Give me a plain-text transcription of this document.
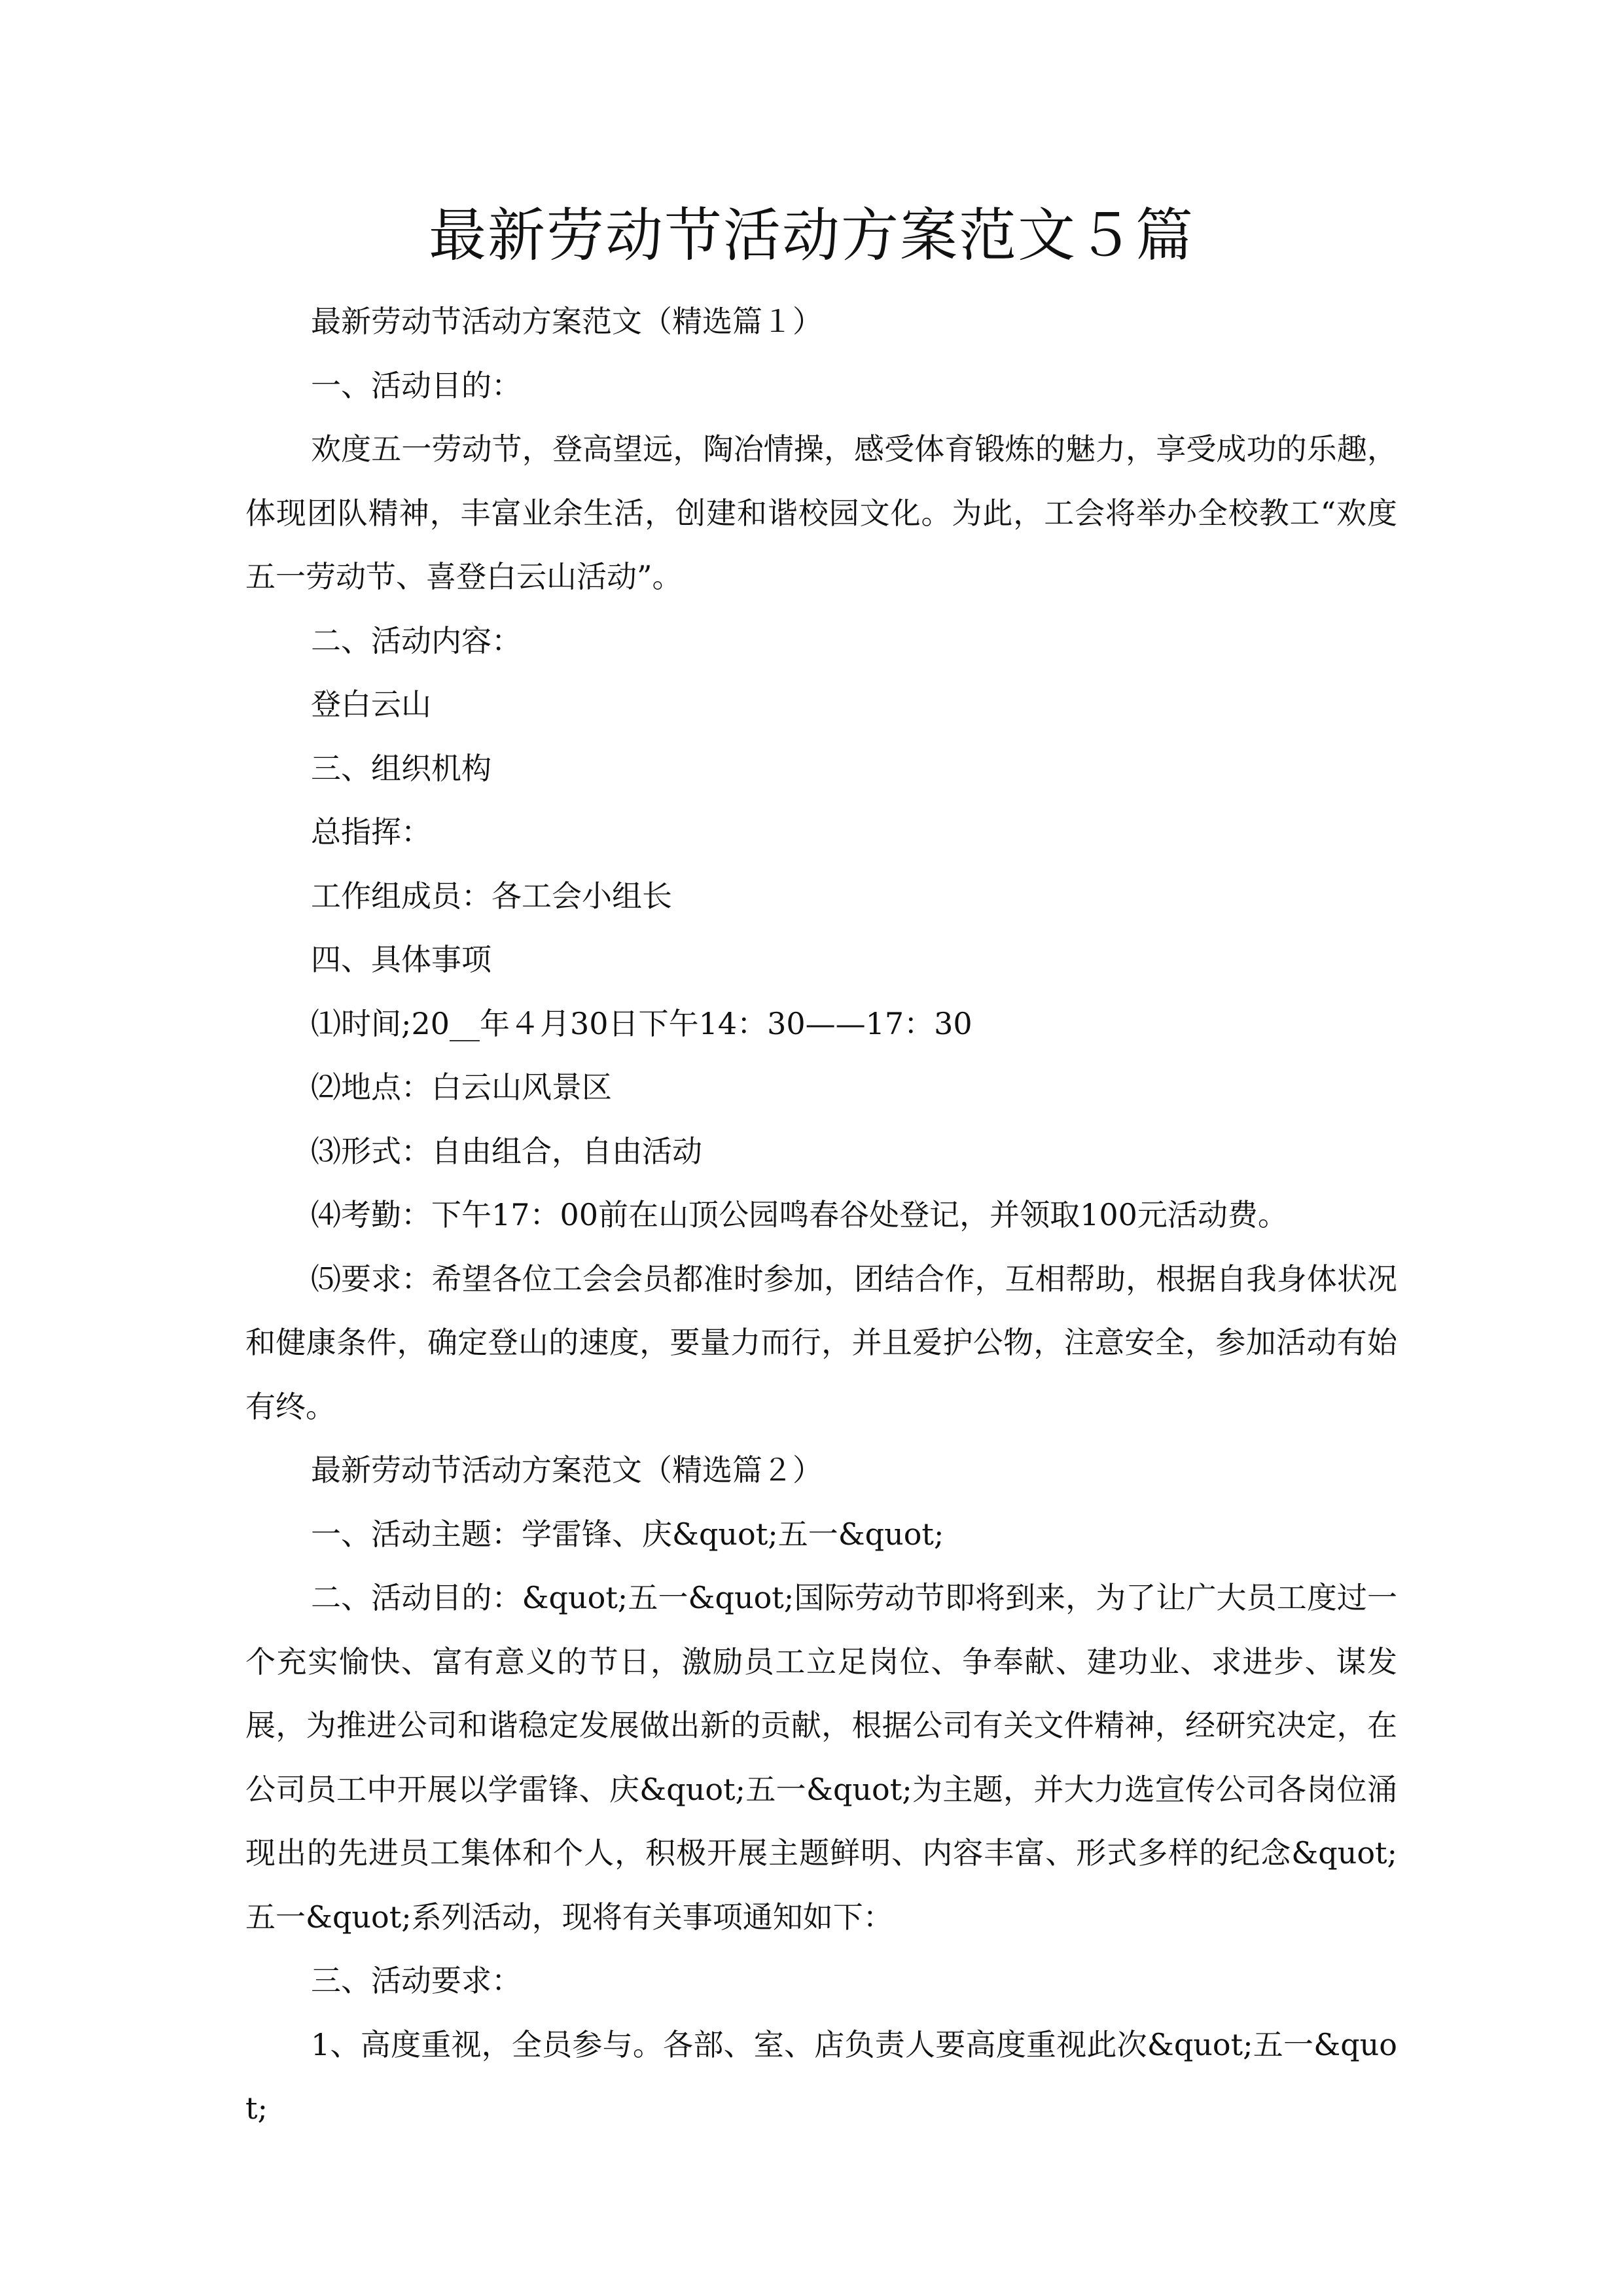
最新劳动节活动方案范文５篇

最新劳动节活动方案范文（精选篇１）

一、活动目的：

欢度五一劳动节，登高望远，陶冶情操，感受体育锻炼的魅力，享受成功的乐趣，体现团队精神，丰富业余生活，创建和谐校园文化。为此，工会将举办全校教工“欢度五一劳动节、喜登白云山活动”。

二、活动内容：

登白云山

三、组织机构

总指挥：

工作组成员：各工会小组长

四、具体事项

⑴时间;20__年４月30日下午14：30——17：30

⑵地点：白云山风景区

⑶形式：自由组合，自由活动

⑷考勤：下午17：00前在山顶公园鸣春谷处登记，并领取100元活动费。

⑸要求：希望各位工会会员都准时参加，团结合作，互相帮助，根据自我身体状况和健康条件，确定登山的速度，要量力而行，并且爱护公物，注意安全，参加活动有始有终。

最新劳动节活动方案范文（精选篇２）

一、活动主题：学雷锋、庆&quot;五一&quot;

二、活动目的：&quot;五一&quot;国际劳动节即将到来，为了让广大员工度过一个充实愉快、富有意义的节日，激励员工立足岗位、争奉献、建功业、求进步、谋发展，为推进公司和谐稳定发展做出新的贡献，根据公司有关文件精神，经研究决定，在公司员工中开展以学雷锋、庆&quot;五一&quot;为主题，并大力选宣传公司各岗位涌现出的先进员工集体和个人，积极开展主题鲜明、内容丰富、形式多样的纪念&quot;五一&quot;系列活动，现将有关事项通知如下：

三、活动要求：

1、高度重视，全员参与。各部、室、店负责人要高度重视此次&quot;五一&quot;
